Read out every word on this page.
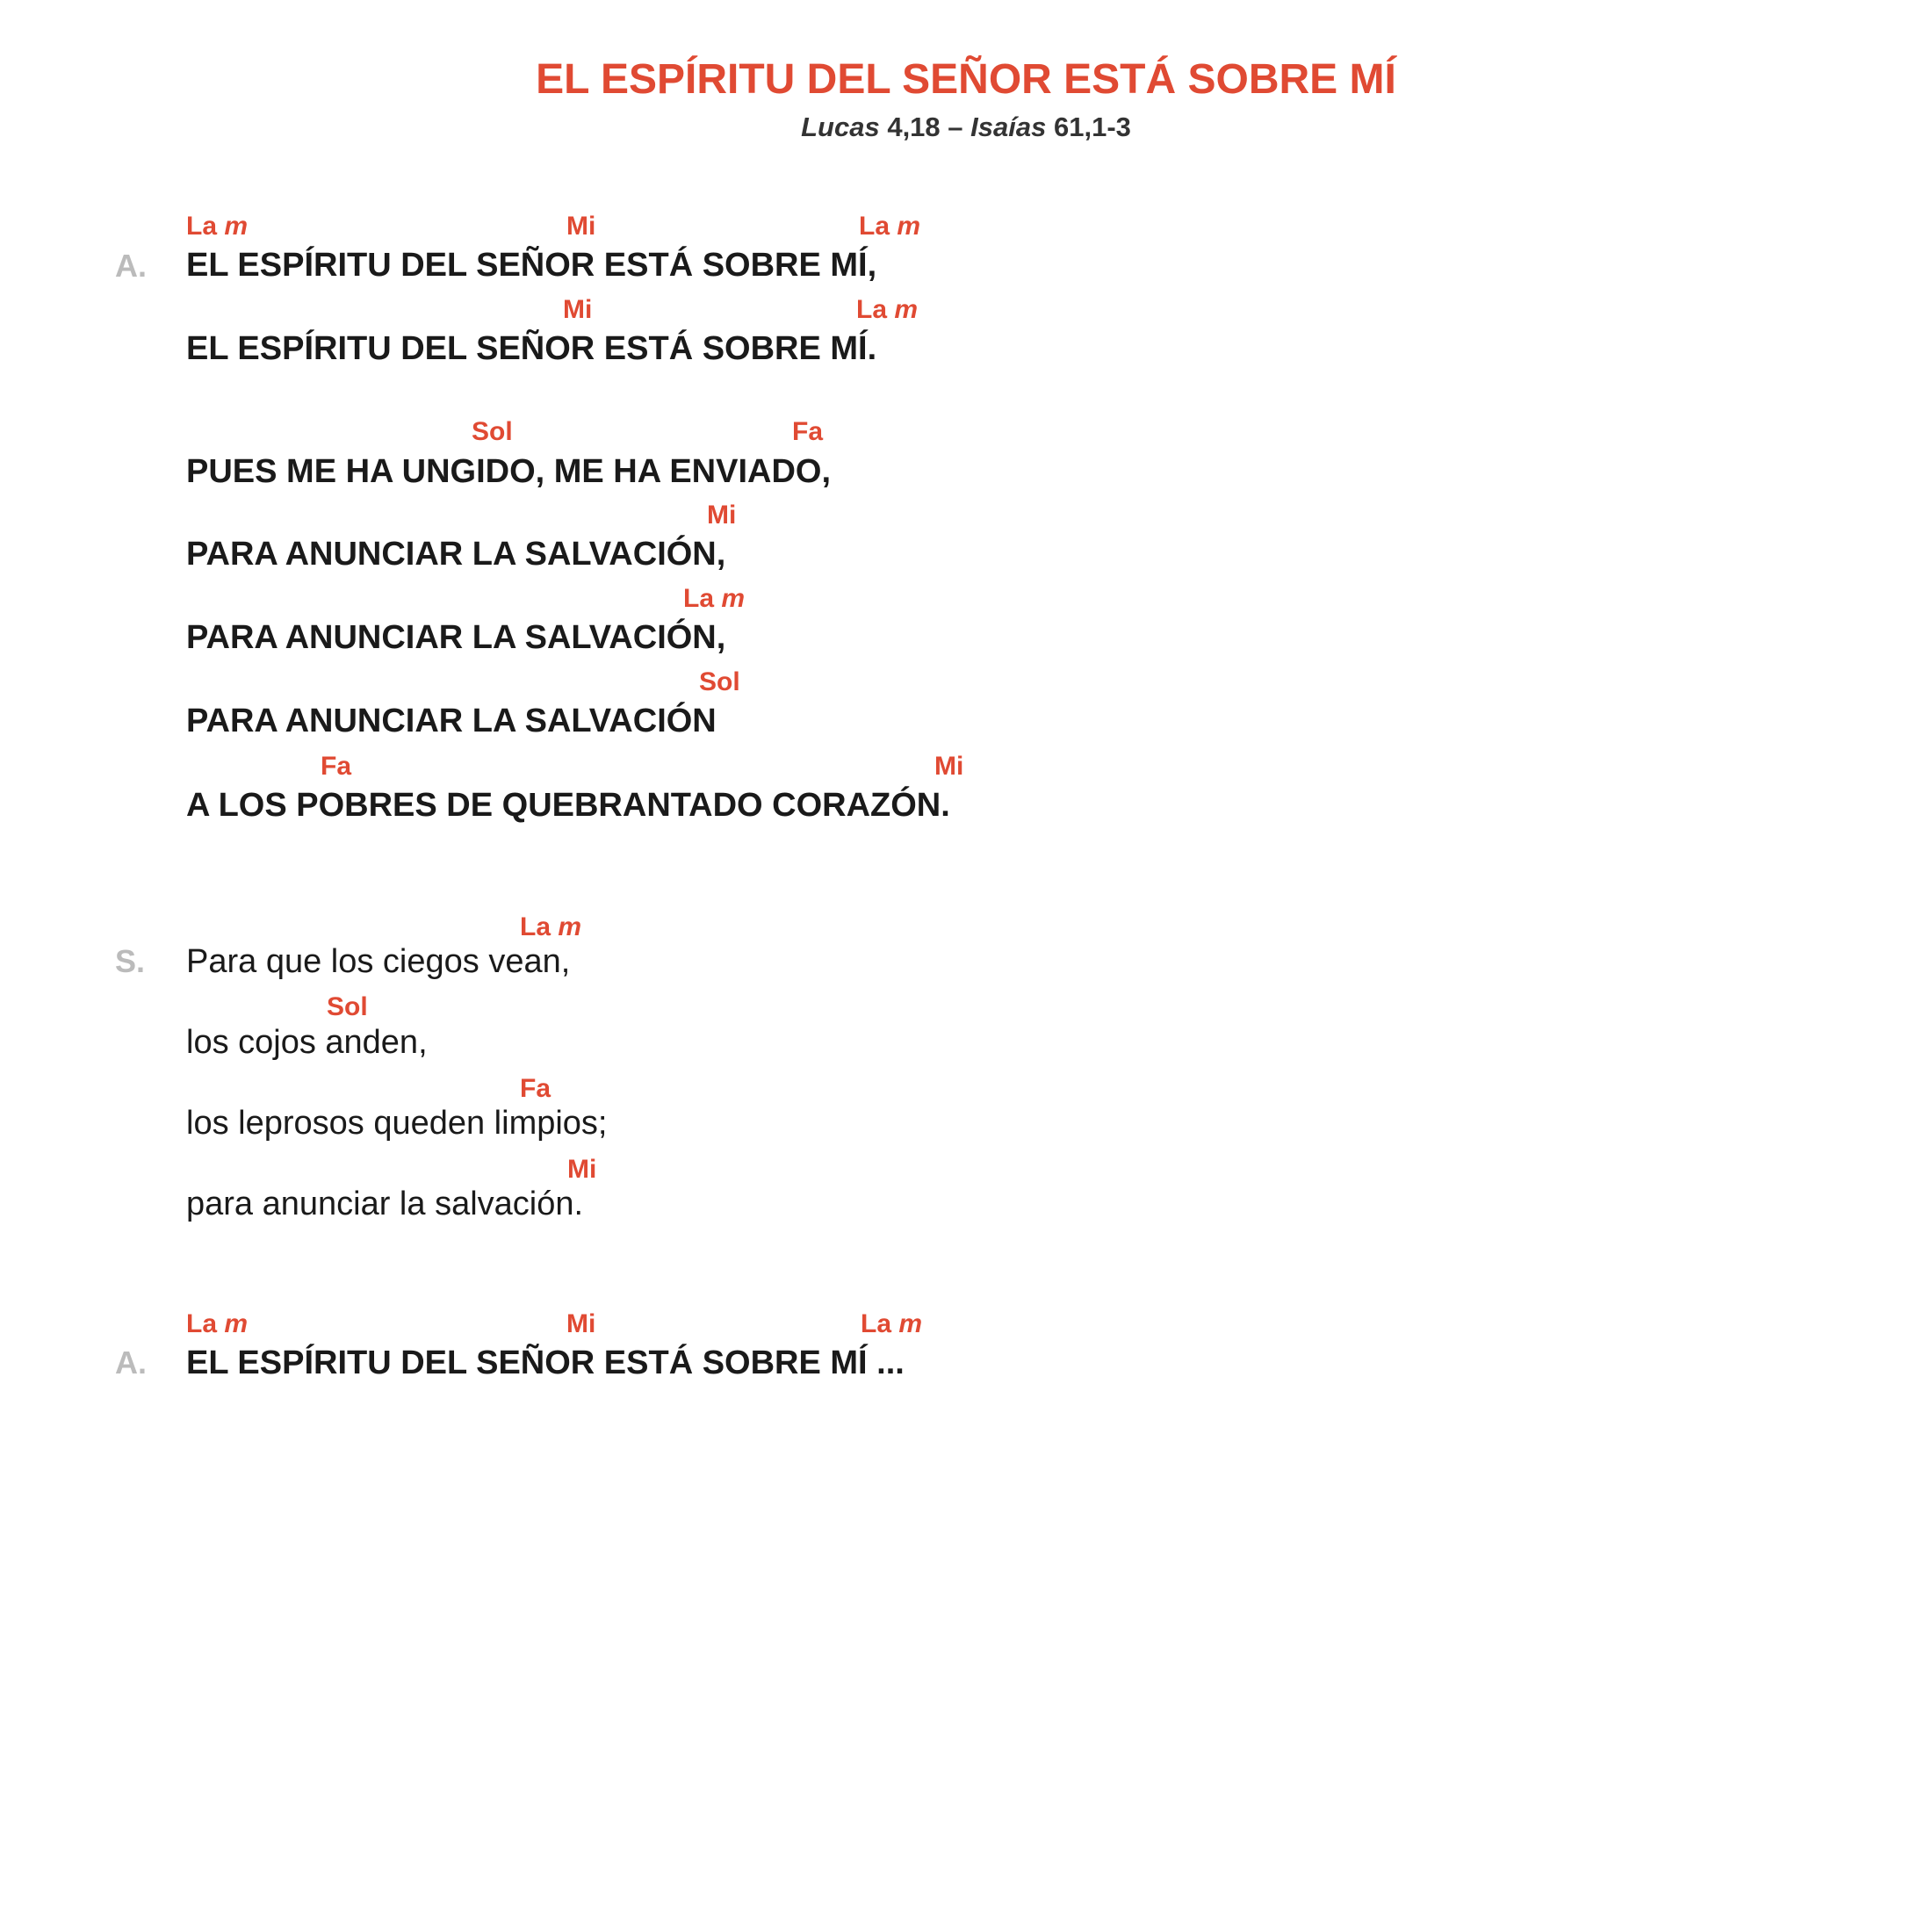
EL ESPÍRITU DEL SEÑOR ESTÁ SOBRE MÍ
Lucas 4,18 – Isaías 61,1-3
A.
La m	Mi	La m
EL ESPÍRITU DEL SEÑOR ESTÁ SOBRE MÍ,
Mi	La m
EL ESPÍRITU DEL SEÑOR ESTÁ SOBRE MÍ.
Sol	Fa
PUES ME HA UNGIDO, ME HA ENVIADO,
Mi
PARA ANUNCIAR LA SALVACIÓN,
La m
PARA ANUNCIAR LA SALVACIÓN,
Sol
PARA ANUNCIAR LA SALVACIÓN
Fa	Mi
A LOS POBRES DE QUEBRANTADO CORAZÓN.
S.
La m
Para que los ciegos vean,
Sol
los cojos anden,
Fa
los leprosos queden limpios;
Mi
para anunciar la salvación.
A.
La m	Mi	La m
EL ESPÍRITU DEL SEÑOR ESTÁ SOBRE MÍ ...
